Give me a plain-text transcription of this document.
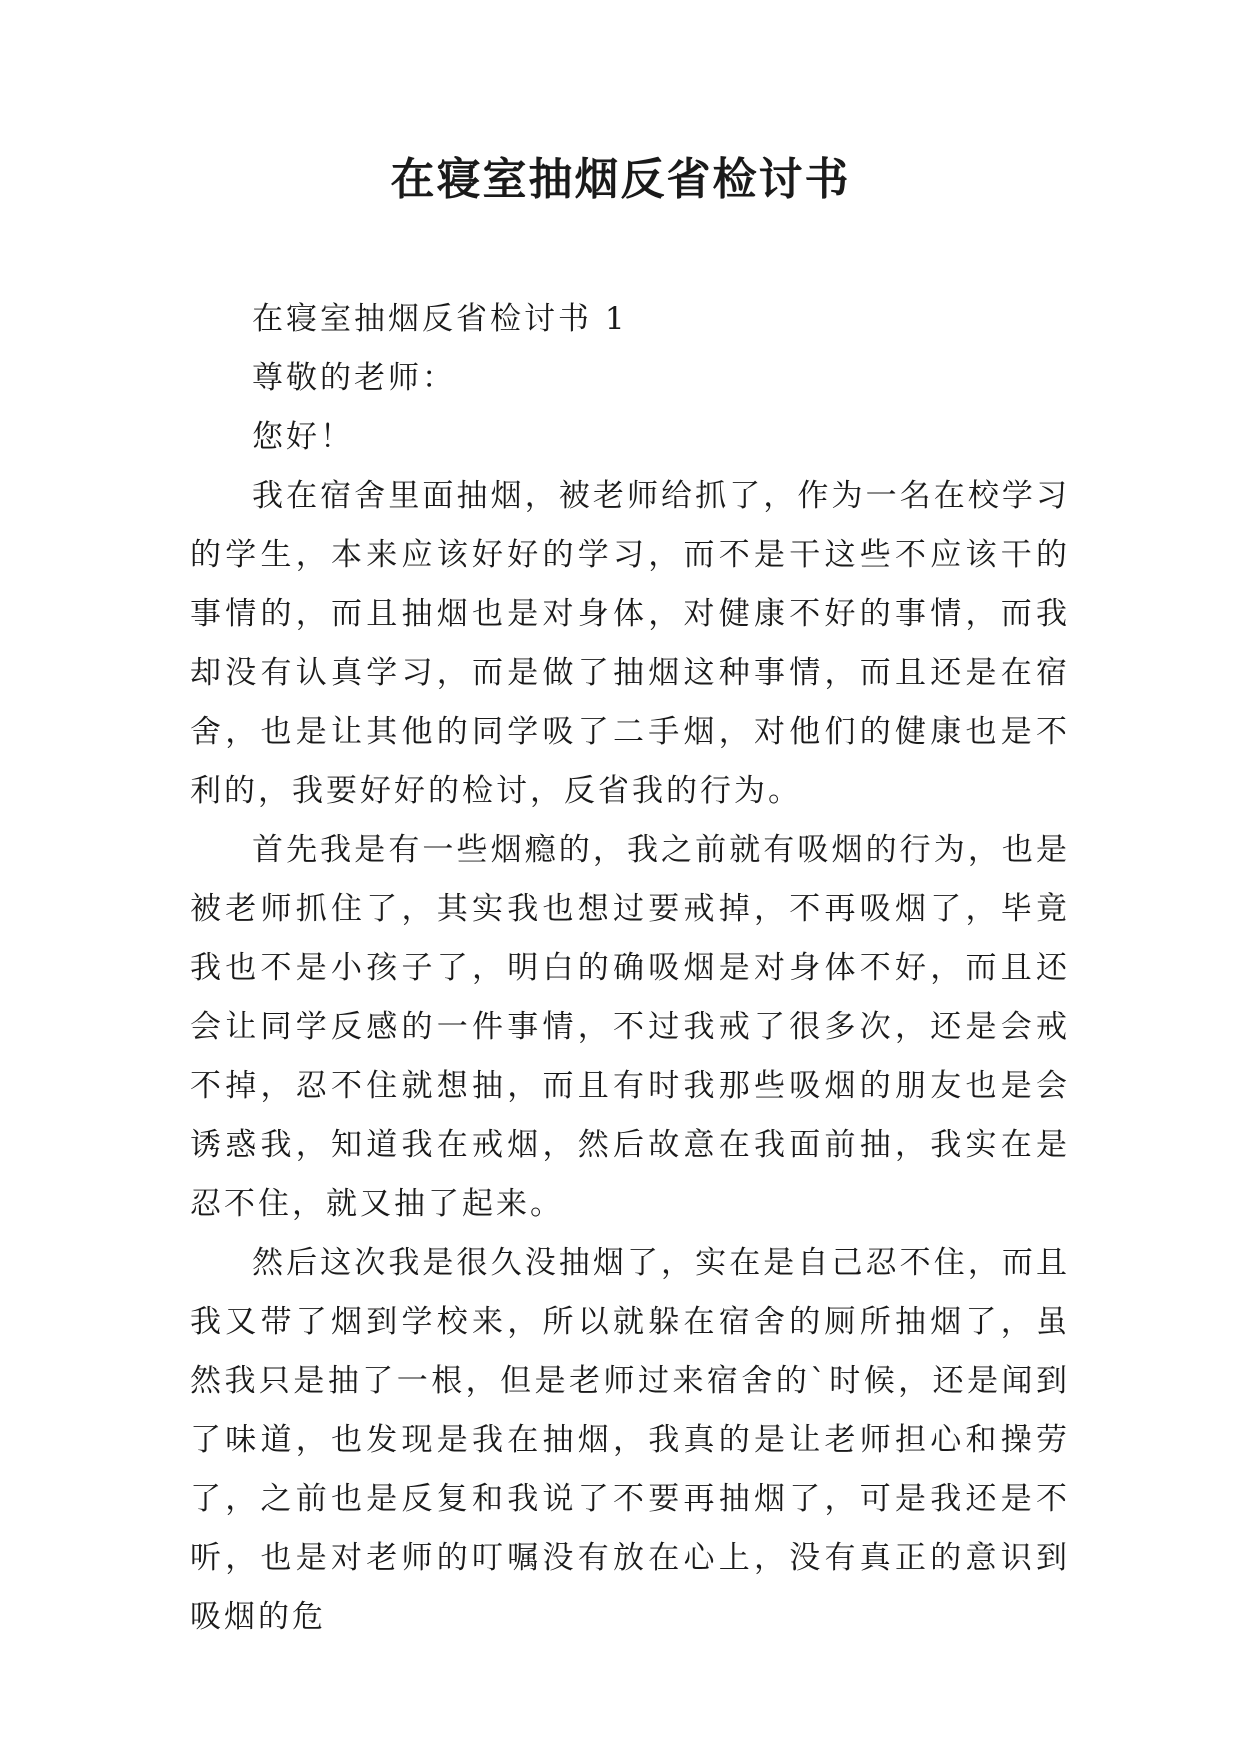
在寝室抽烟反省检讨书

在寝室抽烟反省检讨书 1

尊敬的老师：

您好！

我在宿舍里面抽烟，被老师给抓了，作为一名在校学习的学生，本来应该好好的学习，而不是干这些不应该干的事情的，而且抽烟也是对身体，对健康不好的事情，而我却没有认真学习，而是做了抽烟这种事情，而且还是在宿舍，也是让其他的同学吸了二手烟，对他们的健康也是不利的，我要好好的检讨，反省我的行为。

首先我是有一些烟瘾的，我之前就有吸烟的行为，也是被老师抓住了，其实我也想过要戒掉，不再吸烟了，毕竟我也不是小孩子了，明白的确吸烟是对身体不好，而且还会让同学反感的一件事情，不过我戒了很多次，还是会戒不掉，忍不住就想抽，而且有时我那些吸烟的朋友也是会诱惑我，知道我在戒烟，然后故意在我面前抽，我实在是忍不住，就又抽了起来。

然后这次我是很久没抽烟了，实在是自己忍不住，而且我又带了烟到学校来，所以就躲在宿舍的厕所抽烟了，虽然我只是抽了一根，但是老师过来宿舍的`时候，还是闻到了味道，也发现是我在抽烟，我真的是让老师担心和操劳了，之前也是反复和我说了不要再抽烟了，可是我还是不听，也是对老师的叮嘱没有放在心上，没有真正的意识到吸烟的危
